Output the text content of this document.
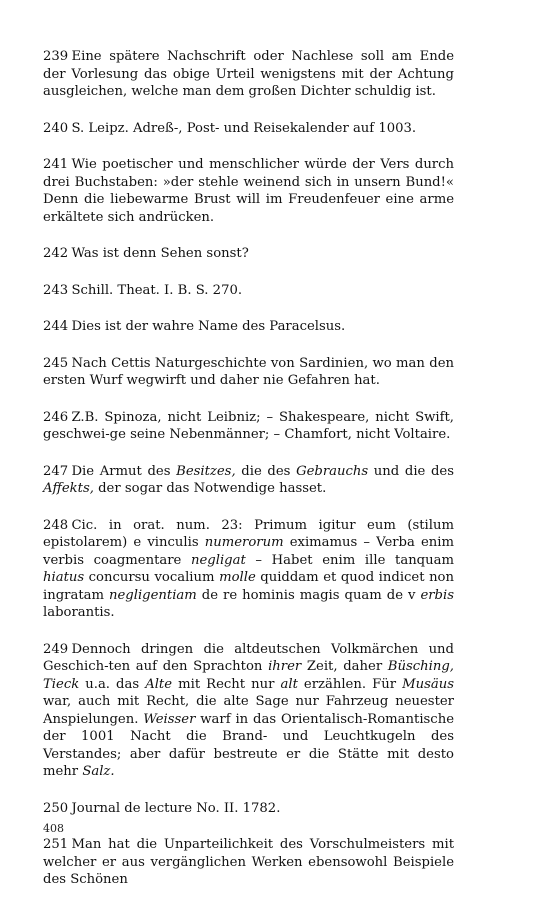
239 Eine spätere Nachschrift oder Nachlese soll am Ende der Vorlesung das obige Urteil wenigstens mit der Achtung ausgleichen, welche man dem großen Dichter schuldig ist.

240 S. Leipz. Adreß-, Post- und Reisekalender auf 1003.

241 Wie poetischer und menschlicher würde der Vers durch drei Buchstaben: »der stehle weinend sich in unsern Bund!« Denn die liebewarme Brust will im Freudenfeuer eine arme erkältete sich andrücken.

242 Was ist denn Sehen sonst?

243 Schill. Theat. I. B. S. 270.

244 Dies ist der wahre Name des Paracelsus.

245 Nach Cettis Naturgeschichte von Sardinien, wo man den ersten Wurf wegwirft und daher nie Gefahren hat.

246 Z.B. Spinoza, nicht Leibniz; – Shakespeare, nicht Swift, geschwei-ge seine Nebenmänner; – Chamfort, nicht Voltaire.

247 Die Armut des Besitzes, die des Gebrauchs und die des Affekts, der sogar das Notwendige hasset.

248 Cic. in orat. num. 23: Primum igitur eum (stilum epistolarem) e vinculis numerorum eximamus – Verba enim verbis coagmentare negligat – Habet enim ille tanquam hiatus concursu vocalium molle quiddam et quod indicet non ingratam negligentiam de re hominis magis quam de v erbis laborantis.

249 Dennoch dringen die altdeutschen Volkmärchen und Geschich-ten auf den Sprachton ihrer Zeit, daher Büsching, Tieck u.a. das Alte mit Recht nur alt erzählen. Für Musäus war, auch mit Recht, die alte Sage nur Fahrzeug neuester Anspielungen. Weisser warf in das Orientalisch-Romantische der 1001 Nacht die Brand- und Leuchtkugeln des Verstandes; aber dafür bestreute er die Stätte mit desto mehr Salz.

250 Journal de lecture No. II. 1782.

251 Man hat die Unparteilichkeit des Vorschulmeisters mit welcher er aus vergänglichen Werken ebensowohl Beispiele des Schönen

408
